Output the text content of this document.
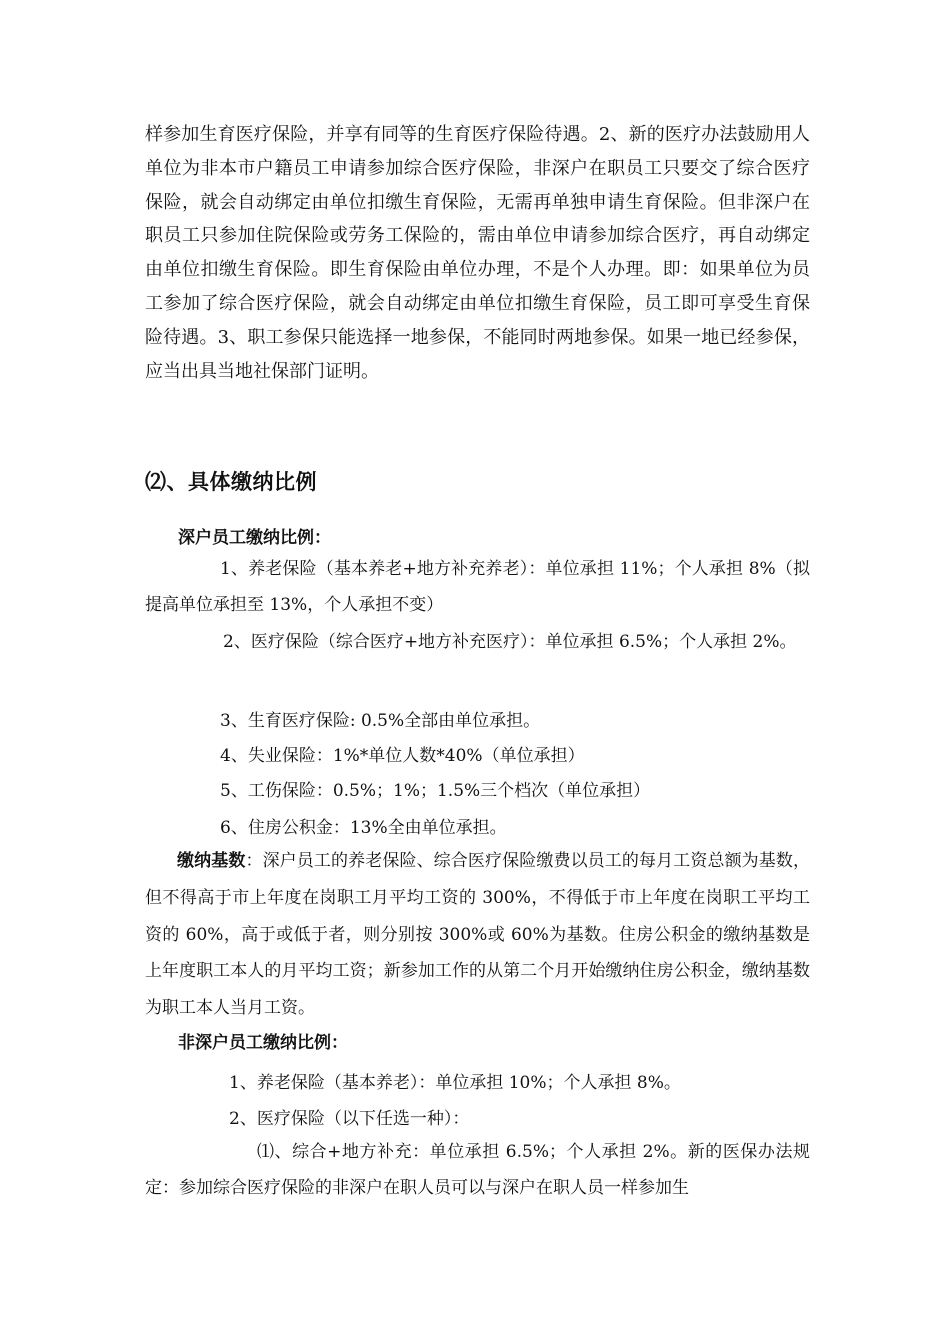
样参加生育医疗保险，并享有同等的生育医疗保险待遇。2、新的医疗办法鼓励用人单位为非本市户籍员工申请参加综合医疗保险，非深户在职员工只要交了综合医疗保险，就会自动绑定由单位扣缴生育保险，无需再单独申请生育保险。但非深户在职员工只参加住院保险或劳务工保险的，需由单位申请参加综合医疗，再自动绑定由单位扣缴生育保险。即生育保险由单位办理，不是个人办理。即：如果单位为员工参加了综合医疗保险，就会自动绑定由单位扣缴生育保险，员工即可享受生育保险待遇。3、职工参保只能选择一地参保，不能同时两地参保。如果一地已经参保，应当出具当地社保部门证明。
⑵、具体缴纳比例
深户员工缴纳比例：
1、养老保险（基本养老+地方补充养老）：单位承担 11%；个人承担 8%（拟提高单位承担至 13%，个人承担不变）
2、医疗保险（综合医疗+地方补充医疗）：单位承担 6.5%；个人承担 2%。
3、生育医疗保险: 0.5%全部由单位承担。
4、失业保险：1%*单位人数*40%（单位承担）
5、工伤保险：0.5%；1%；1.5%三个档次（单位承担）
6、住房公积金：13%全由单位承担。
缴纳基数：深户员工的养老保险、综合医疗保险缴费以员工的每月工资总额为基数，但不得高于市上年度在岗职工月平均工资的 300%，不得低于市上年度在岗职工平均工资的 60%，高于或低于者，则分别按 300%或 60%为基数。住房公积金的缴纳基数是上年度职工本人的月平均工资；新参加工作的从第二个月开始缴纳住房公积金，缴纳基数为职工本人当月工资。
非深户员工缴纳比例：
1、养老保险（基本养老）：单位承担 10%；个人承担 8%。
2、医疗保险（以下任选一种）：
⑴、综合+地方补充：单位承担 6.5%；个人承担 2%。新的医保办法规定：参加综合医疗保险的非深户在职人员可以与深户在职人员一样参加生
